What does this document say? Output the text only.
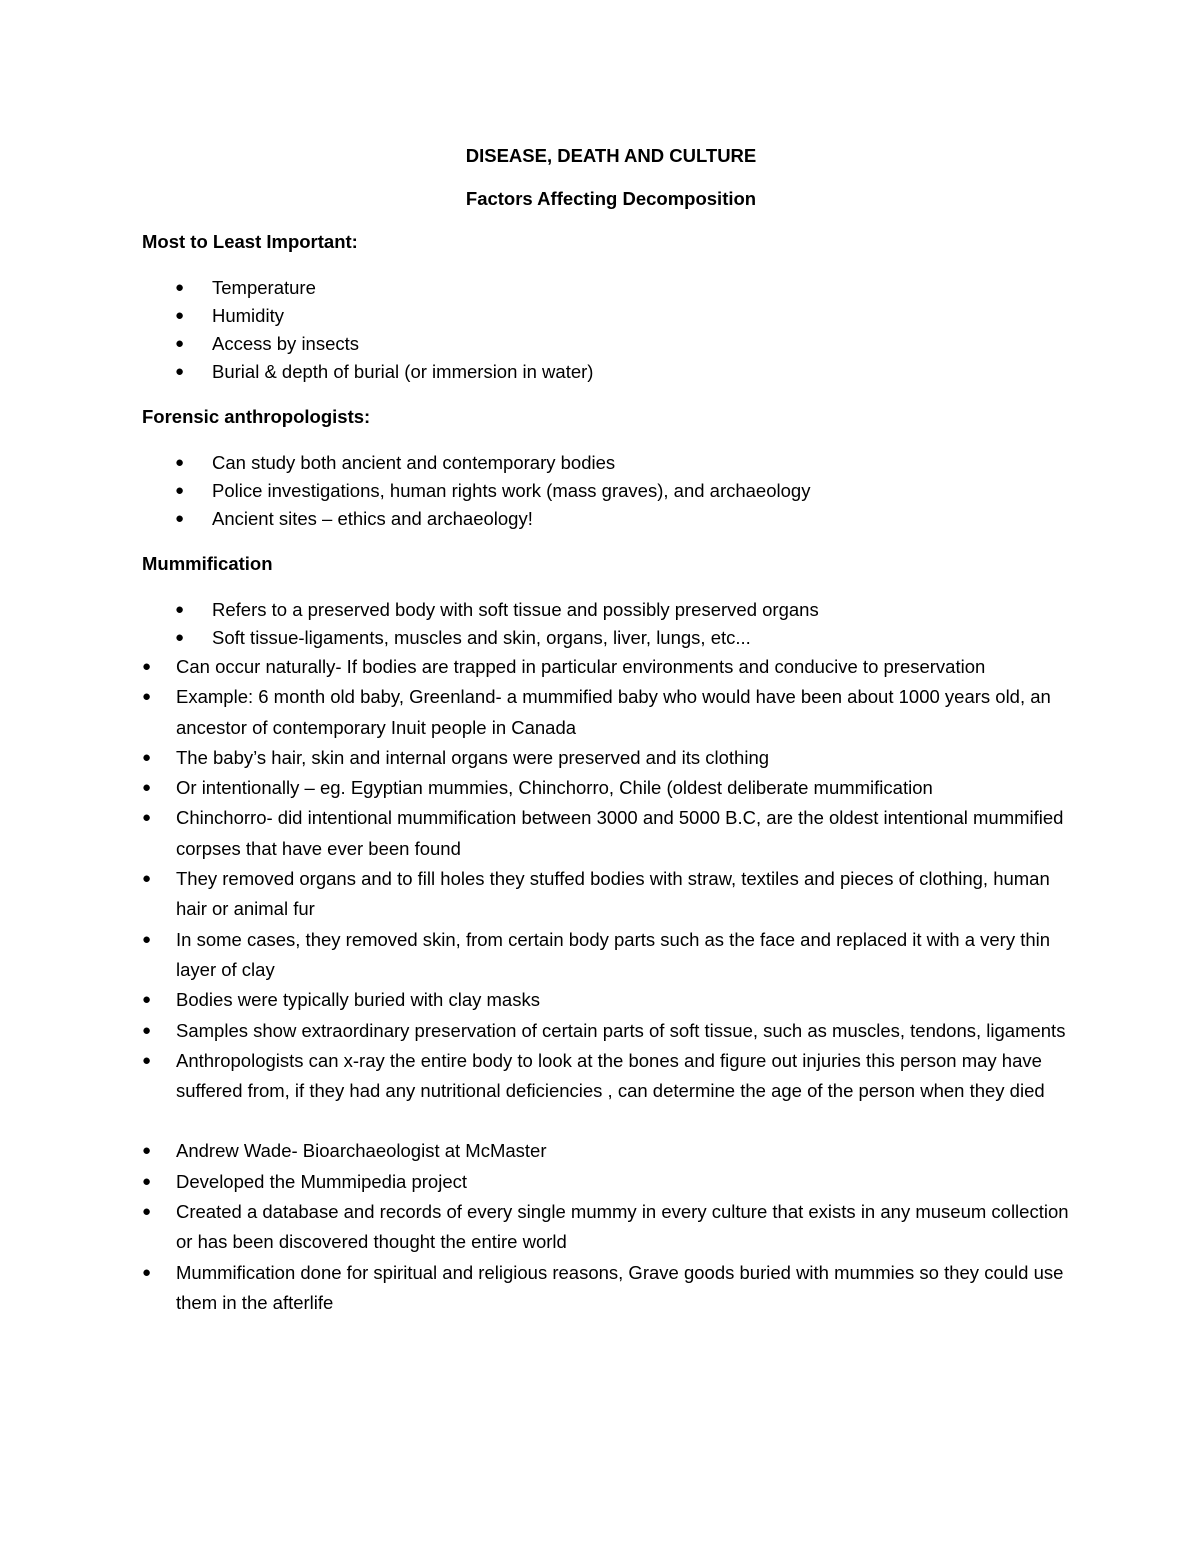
DISEASE, DEATH AND CULTURE
Factors Affecting Decomposition
Most to Least Important:
● Temperature
● Humidity
● Access by insects
● Burial & depth of burial (or immersion in water)
Forensic anthropologists:
● Can study both ancient and contemporary bodies
● Police investigations, human rights work (mass graves), and archaeology
● Ancient sites – ethics and archaeology!
Mummification
● Refers to a preserved body with soft tissue and possibly preserved organs
● Soft tissue-ligaments, muscles and skin, organs, liver, lungs, etc...
● Can occur naturally- If bodies are trapped in particular environments and conducive to preservation
● Example: 6 month old baby, Greenland- a mummified baby who would have been about 1000 years old, an ancestor of contemporary Inuit people in Canada
● The baby’s hair, skin and internal organs were preserved and its clothing
● Or intentionally – eg. Egyptian mummies, Chinchorro, Chile (oldest deliberate mummification
● Chinchorro- did intentional mummification between 3000 and 5000 B.C, are the oldest intentional mummified corpses that have ever been found
● They removed organs and to fill holes they stuffed bodies with straw, textiles and pieces of clothing, human hair or animal fur
● In some cases, they removed skin, from certain body parts such as the face and replaced it with a very thin layer of clay
● Bodies were typically buried with clay masks
● Samples show extraordinary preservation of certain parts of soft tissue, such as muscles, tendons, ligaments
● Anthropologists can x-ray the entire body to look at the bones and figure out injuries this person may have suffered from, if they had any nutritional deficiencies , can determine the age of the person when they died
● Andrew Wade- Bioarchaeologist at McMaster
● Developed the Mummipedia project
● Created a database and records of every single mummy in every culture that exists in any museum collection or has been discovered thought the entire world
● Mummification done for spiritual and religious reasons, Grave goods buried with mummies so they could use them in the afterlife
